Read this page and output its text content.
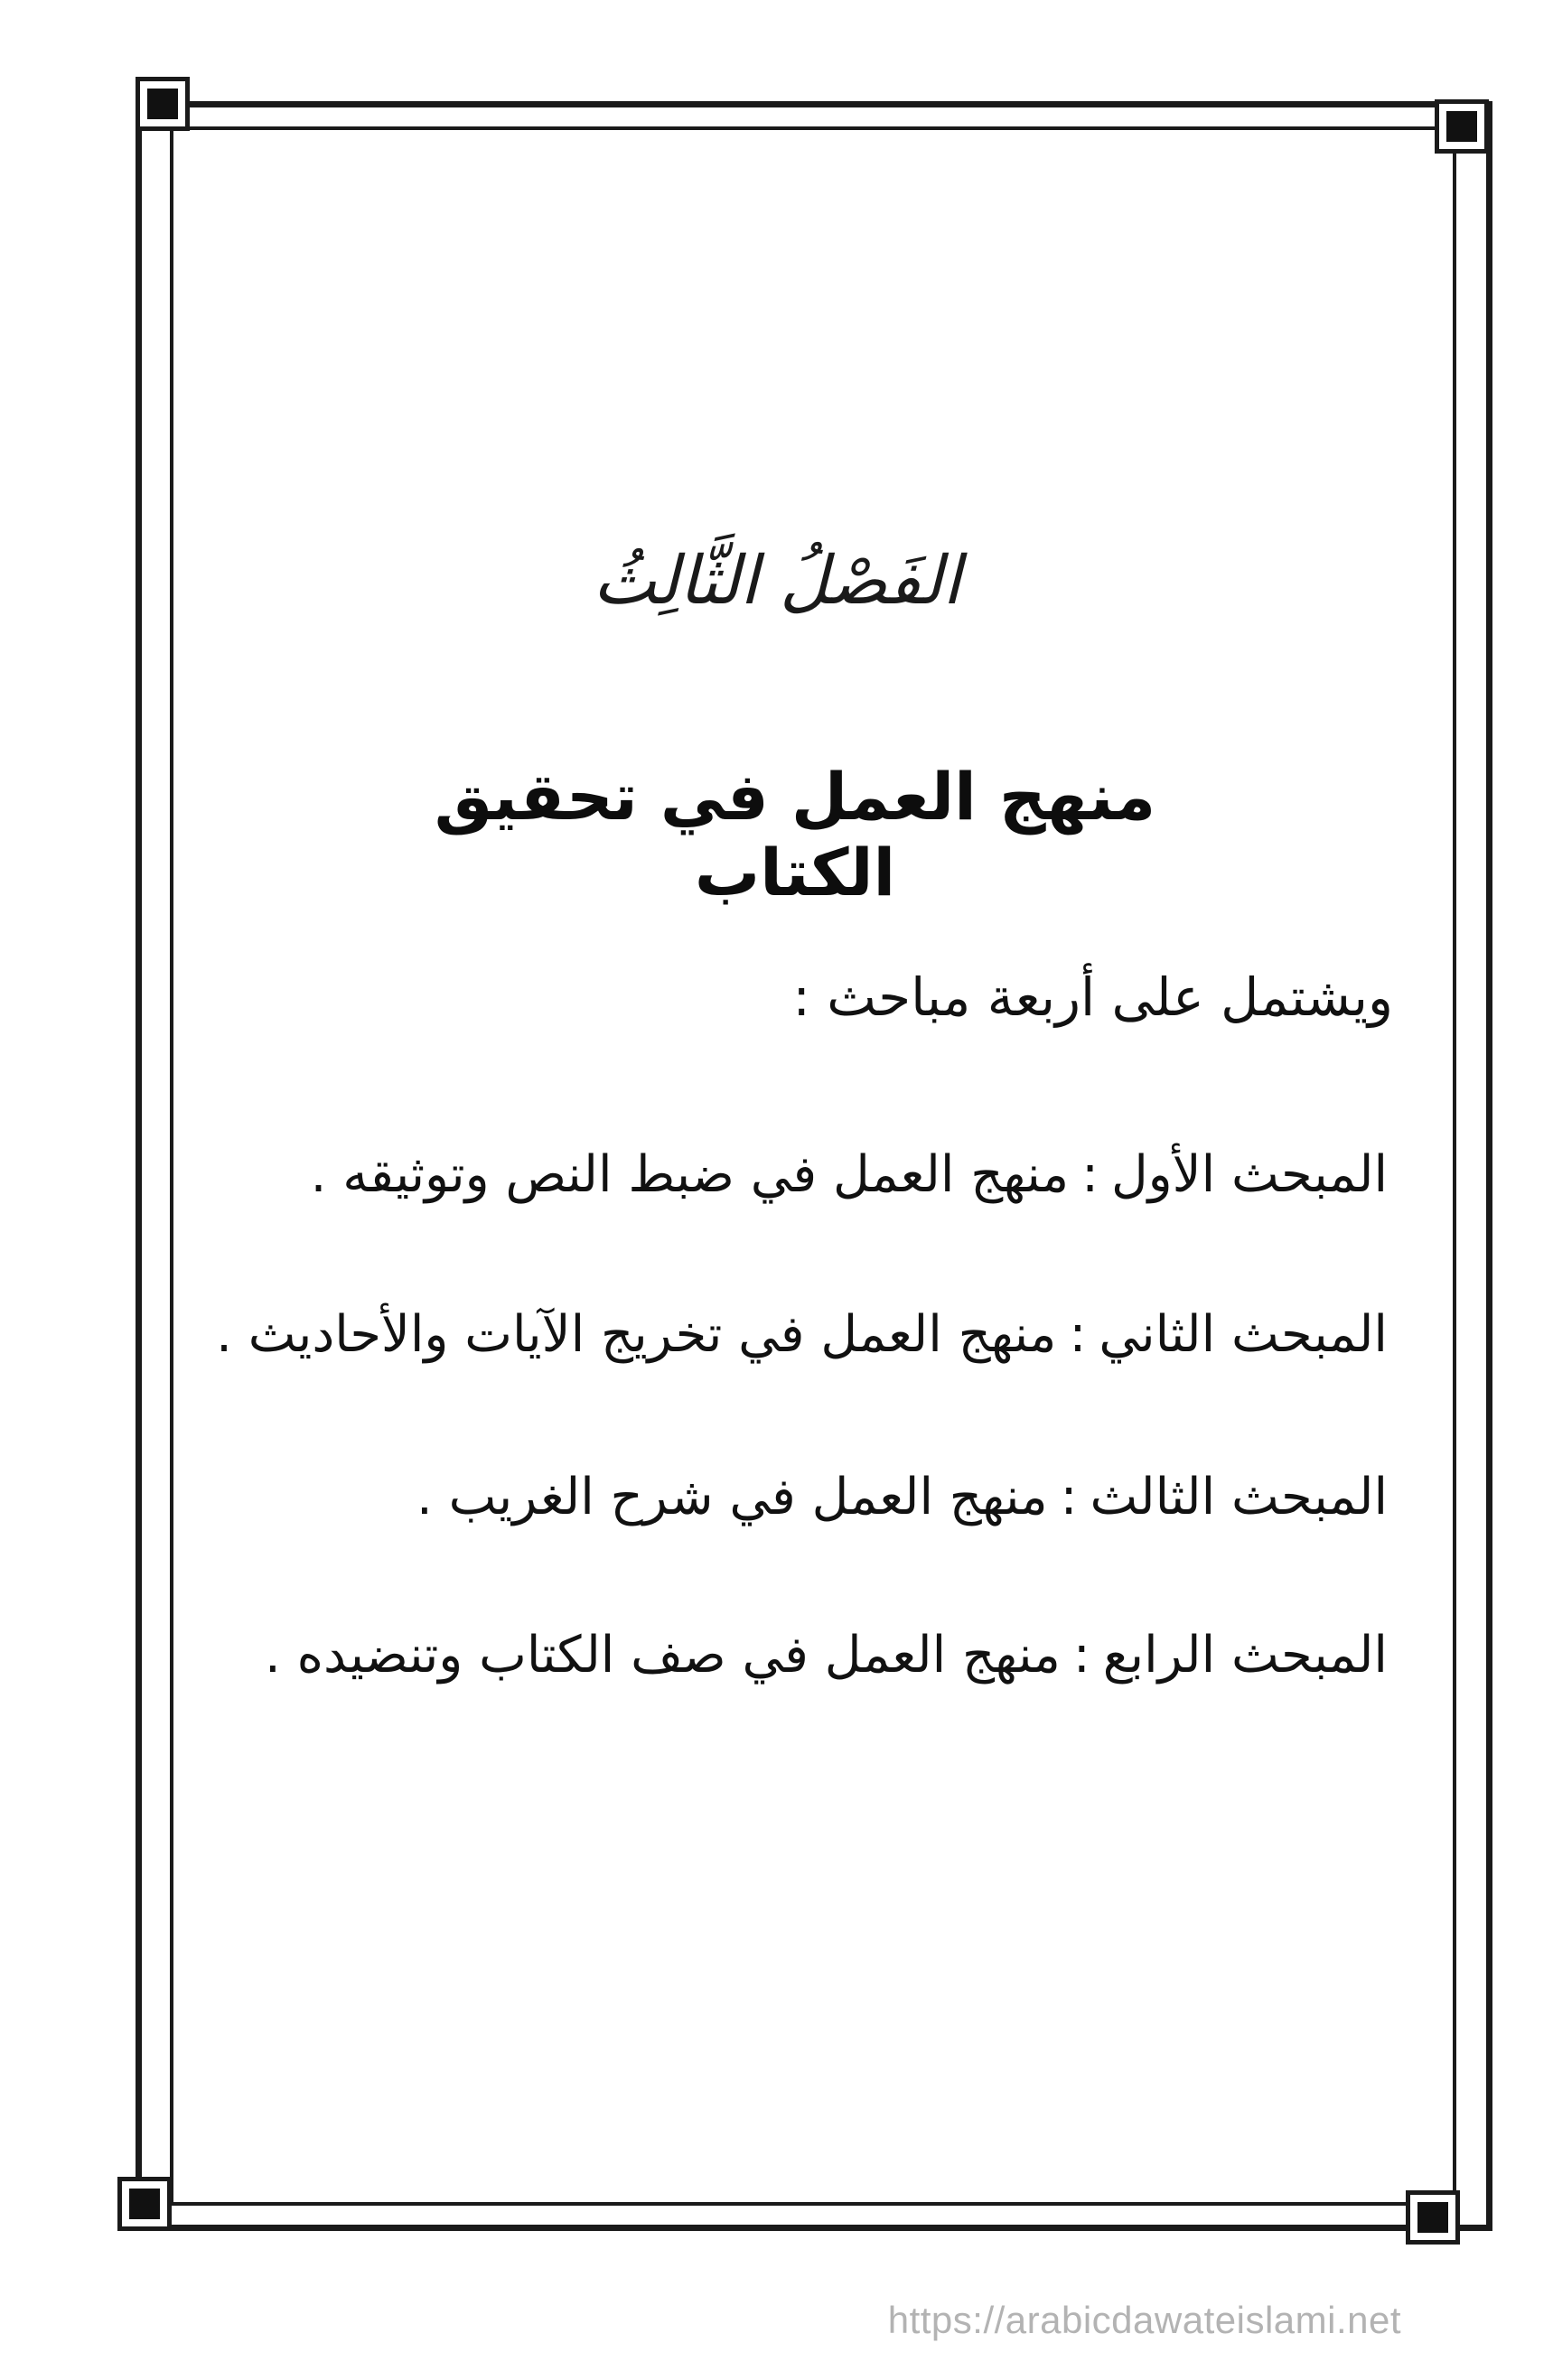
الفَصْلُ الثَّالِثُ
منهج العمل في تحقيق الكتاب
ويشتمل على أربعة مباحث :
المبحث الأول:منهج العمل في ضبط النص وتوثيقه .
المبحث الثاني:منهج العمل في تخريج الآيات والأحاديث .
المبحث الثالث:منهج العمل في شرح الغريب .
المبحث الرابع:منهج العمل في صف الكتاب وتنضيده .
https://arabicdawateislami.net
